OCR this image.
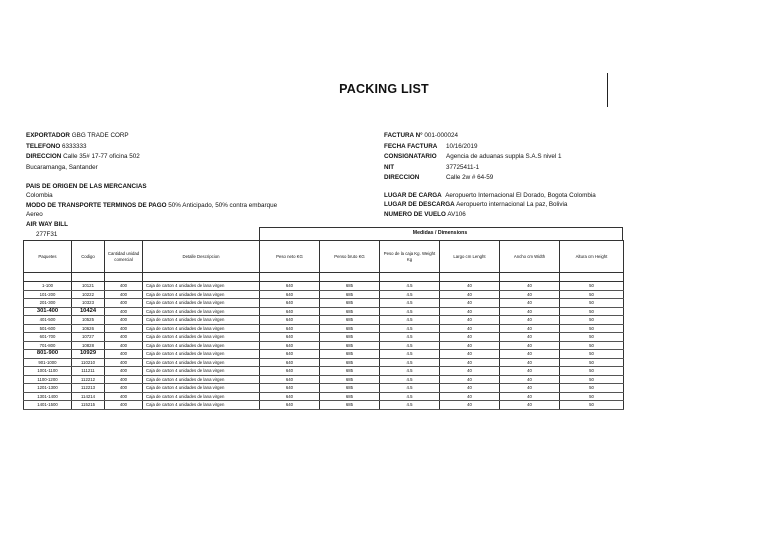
PACKING LIST
EXPORTADOR GBG TRADE CORP
TELEFONO 6333333
DIRECCION Calle 35# 17-77 oficina 502
Bucaramanga, Santander
FACTURA N°
001-000024
FECHA FACTURA	10/16/2019
CONSIGNATARIO	Agencia de aduanas suppla S.A.S nivel 1
NIT	37725411-1
DIRECCION	Calle 2w # 64-59
PAIS DE ORIGEN DE LAS MERCANCIAS
Colombia
MODO DE TRANSPORTE TERMINOS DE PAGO 50% Anticipado, 50% contra embarque
Aereo
AIR WAY BILL
277F31
LUGAR DE CARGA Aeropuerto Internacional El Dorado, Bogota Colombia
LUGAR DE DESCARGA Aeropuerto internacional La paz, Bolivia
NUMERO DE VUELO AV106
Medidas / Dimensions
Paquetes	Codigo	Cantidad unidad comercial	Detalle Descripcion	Peso neto KG	Penso bruto KG	Peso de la caja Kg. Weight Kg	Largo cm Lenght	Ancho cm Width	Altura cm Height

1-100	10121	400	Caja de carton 4 unidades de lana virgen	640	685	4.5	40	40	50
101-200	10222	400	Caja de carton 4 unidades de lana virgen	640	685	4.5	40	40	50
201-300	10323	400	Caja de carton 4 unidades de lana virgen	640	685	4.5	40	40	50
301-400	10424	400	Caja de carton 4 unidades de lana virgen	640	685	4.5	40	40	50
401-500	10525	400	Caja de carton 4 unidades de lana virgen	640	685	4.5	40	40	50
501-600	10626	400	Caja de carton 4 unidades de lana virgen	640	685	4.5	40	40	50
601-700	10727	400	Caja de carton 4 unidades de lana virgen	640	685	4.5	40	40	50
701-800	10828	400	Caja de carton 4 unidades de lana virgen	640	685	4.5	40	40	50
801-900	10929	400	Caja de carton 4 unidades de lana virgen	640	685	4.5	40	40	50
901-1000	110210	400	Caja de carton 4 unidades de lana virgen	640	685	4.5	40	40	50
1001-1100	111211	400	Caja de carton 4 unidades de lana virgen	640	685	4.5	40	40	50
1100-1200	112212	400	Caja de carton 4 unidades de lana virgen	640	685	4.5	40	40	50
1201-1300	112213	400	Caja de carton 4 unidades de lana virgen	640	685	4.5	40	40	50
1301-1400	114214	400	Caja de carton 4 unidades de lana virgen	640	685	4.5	40	40	50
1401-1500	115215	400	Caja de carton 4 unidades de lana virgen	640	685	4.5	40	40	50
